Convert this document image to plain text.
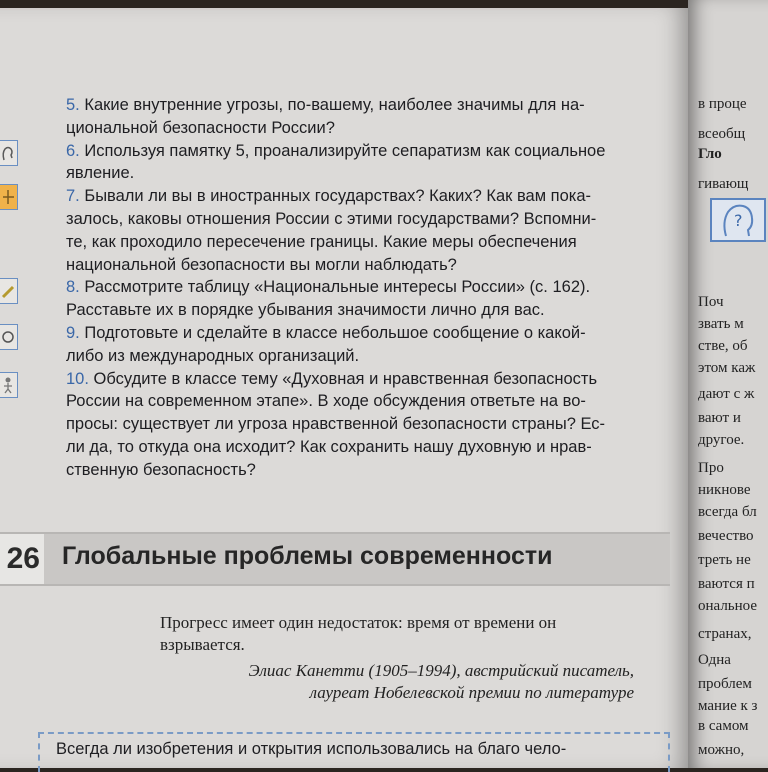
5. Какие внутренние угрозы, по-вашему, наиболее значимы для на-
циональной безопасности России?

6. Используя памятку 5, проанализируйте сепаратизм как социальное
явление.

7. Бывали ли вы в иностранных государствах? Каких? Как вам пока-
залось, каковы отношения России с этими государствами? Вспомни-
те, как проходило пересечение границы. Какие меры обеспечения
национальной безопасности вы могли наблюдать?

8. Рассмотрите таблицу «Национальные интересы России» (с. 162).
Расставьте их в порядке убывания значимости лично для вас.

9. Подготовьте и сделайте в классе небольшое сообщение о какой-
либо из международных организаций.

10. Обсудите в классе тему «Духовная и нравственная безопасность
России на современном этапе». В ходе обсуждения ответьте на во-
просы: существует ли угроза нравственной безопасности страны? Ес-
ли да, то откуда она исходит? Как сохранить нашу духовную и нрав-
ственную безопасность?

26 Глобальные проблемы современности

Прогресс имеет один недостаток: время от времени он
взрывается.

Элиас Канетти (1905–1994), австрийский писатель,
лауреат Нобелевской премии по литературе

Всегда ли изобретения и открытия использовались на благо чело-
?
в проце
всеобщ
Гло
гивающ
Поч
звать м
стве, об
этом каж
дают с ж
вают и
другое.
Про
никнове
всегда бл
вечество
треть не
ваются п
ональное
странах,
Одна
проблем
мание к з
в самом
можно,
